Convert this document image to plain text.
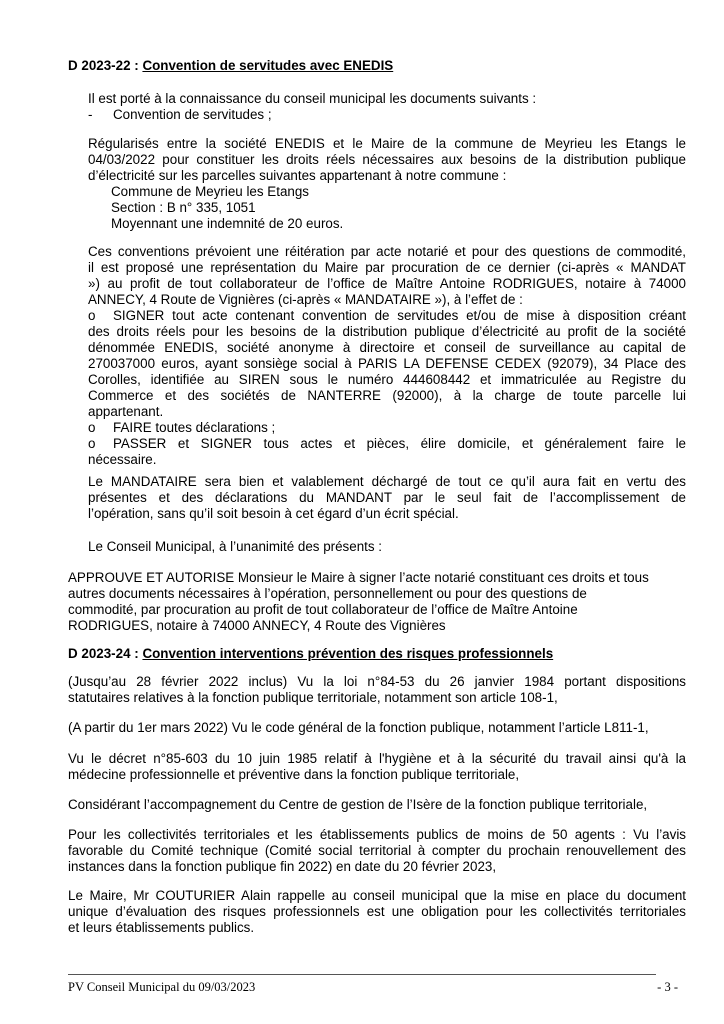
D 2023-22 : Convention de servitudes avec ENEDIS
Il est porté à la connaissance du conseil municipal les documents suivants :
- Convention de servitudes ;
Régularisés entre la société ENEDIS et le Maire de la commune de Meyrieu les Etangs le
04/03/2022 pour constituer les droits réels nécessaires aux besoins de la distribution publique
d’électricité sur les parcelles suivantes appartenant à notre commune :
Commune de Meyrieu les Etangs
Section : B n° 335, 1051
Moyennant une indemnité de 20 euros.
Ces conventions prévoient une réitération par acte notarié et pour des questions de commodité,
il est proposé une représentation du Maire par procuration de ce dernier (ci-après « MANDAT
») au profit de tout collaborateur de l’office de Maître Antoine RODRIGUES, notaire à 74000
ANNECY, 4 Route de Vignières (ci-après « MANDATAIRE »), à l’effet de :
o SIGNER tout acte contenant convention de servitudes et/ou de mise à disposition créant
des droits réels pour les besoins de la distribution publique d’électricité au profit de la société
dénommée ENEDIS, société anonyme à directoire et conseil de surveillance au capital de
270037000 euros, ayant sonsiège social à PARIS LA DEFENSE CEDEX (92079), 34 Place des
Corolles, identifiée au SIREN sous le numéro 444608442 et immatriculée au Registre du
Commerce et des sociétés de NANTERRE (92000), à la charge de toute parcelle lui
appartenant.
o FAIRE toutes déclarations ;
o PASSER et SIGNER tous actes et pièces, élire domicile, et généralement faire le
nécessaire.
Le MANDATAIRE sera bien et valablement déchargé de tout ce qu’il aura fait en vertu des
présentes et des déclarations du MANDANT par le seul fait de l’accomplissement de
l’opération, sans qu’il soit besoin à cet égard d’un écrit spécial.
Le Conseil Municipal, à l’unanimité des présents :
APPROUVE ET AUTORISE Monsieur le Maire à signer l’acte notarié constituant ces droits et tous
autres documents nécessaires à l’opération, personnellement ou pour des questions de
commodité, par procuration au profit de tout collaborateur de l’office de Maître Antoine
RODRIGUES, notaire à 74000 ANNECY, 4 Route des Vignières
D 2023-24 : Convention interventions prévention des risques professionnels
(Jusqu’au 28 février 2022 inclus) Vu la loi n°84-53 du 26 janvier 1984 portant dispositions
statutaires relatives à la fonction publique territoriale, notamment son article 108-1,
(A partir du 1er mars 2022) Vu le code général de la fonction publique, notamment l’article L811-1,
Vu le décret n°85-603 du 10 juin 1985 relatif à l'hygiène et à la sécurité du travail ainsi qu'à la
médecine professionnelle et préventive dans la fonction publique territoriale,
Considérant l’accompagnement du Centre de gestion de l’Isère de la fonction publique territoriale,
Pour les collectivités territoriales et les établissements publics de moins de 50 agents : Vu l’avis
favorable du Comité technique (Comité social territorial à compter du prochain renouvellement des
instances dans la fonction publique fin 2022) en date du 20 février 2023,
Le Maire, Mr COUTURIER Alain rappelle au conseil municipal que la mise en place du document
unique d’évaluation des risques professionnels est une obligation pour les collectivités territoriales
et leurs établissements publics.
PV Conseil Municipal du 09/03/2023	- 3 -
